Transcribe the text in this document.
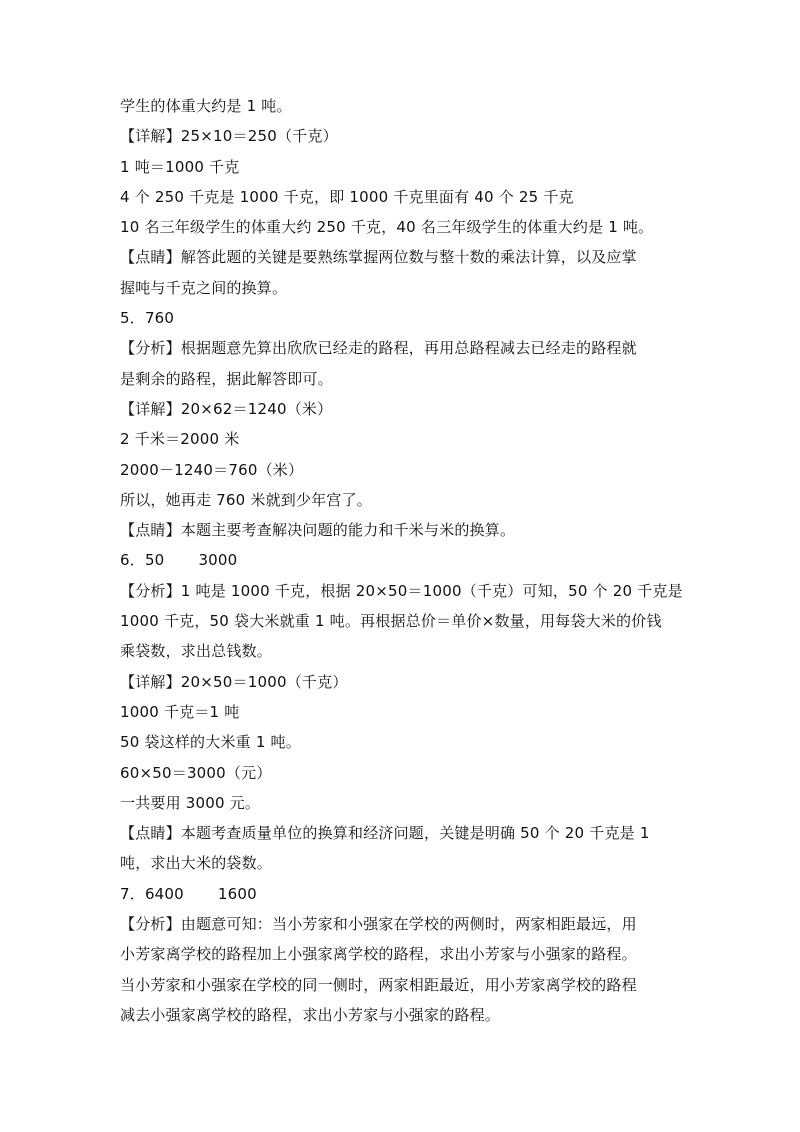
学生的体重大约是 1 吨。
【详解】25×10＝250（千克）
1 吨＝1000 千克
4 个 250 千克是 1000 千克，即 1000 千克里面有 40 个 25 千克
10 名三年级学生的体重大约 250 千克，40 名三年级学生的体重大约是 1 吨。
【点睛】解答此题的关键是要熟练掌握两位数与整十数的乘法计算，以及应掌
握吨与千克之间的换算。
5．760
【分析】根据题意先算出欣欣已经走的路程，再用总路程减去已经走的路程就
是剩余的路程，据此解答即可。
【详解】20×62＝1240（米）
2 千米＝2000 米
2000－1240＝760（米）
所以，她再走 760 米就到少年宫了。
【点睛】本题主要考查解决问题的能力和千米与米的换算。
6．50 3000
【分析】1 吨是 1000 千克，根据 20×50＝1000（千克）可知，50 个 20 千克是
1000 千克，50 袋大米就重 1 吨。再根据总价＝单价×数量，用每袋大米的价钱
乘袋数，求出总钱数。
【详解】20×50＝1000（千克）
1000 千克＝1 吨
50 袋这样的大米重 1 吨。
60×50＝3000（元）
一共要用 3000 元。
【点睛】本题考查质量单位的换算和经济问题，关键是明确 50 个 20 千克是 1
吨，求出大米的袋数。
7．6400 1600
【分析】由题意可知：当小芳家和小强家在学校的两侧时，两家相距最远，用
小芳家离学校的路程加上小强家离学校的路程，求出小芳家与小强家的路程。
当小芳家和小强家在学校的同一侧时，两家相距最近，用小芳家离学校的路程
减去小强家离学校的路程，求出小芳家与小强家的路程。
